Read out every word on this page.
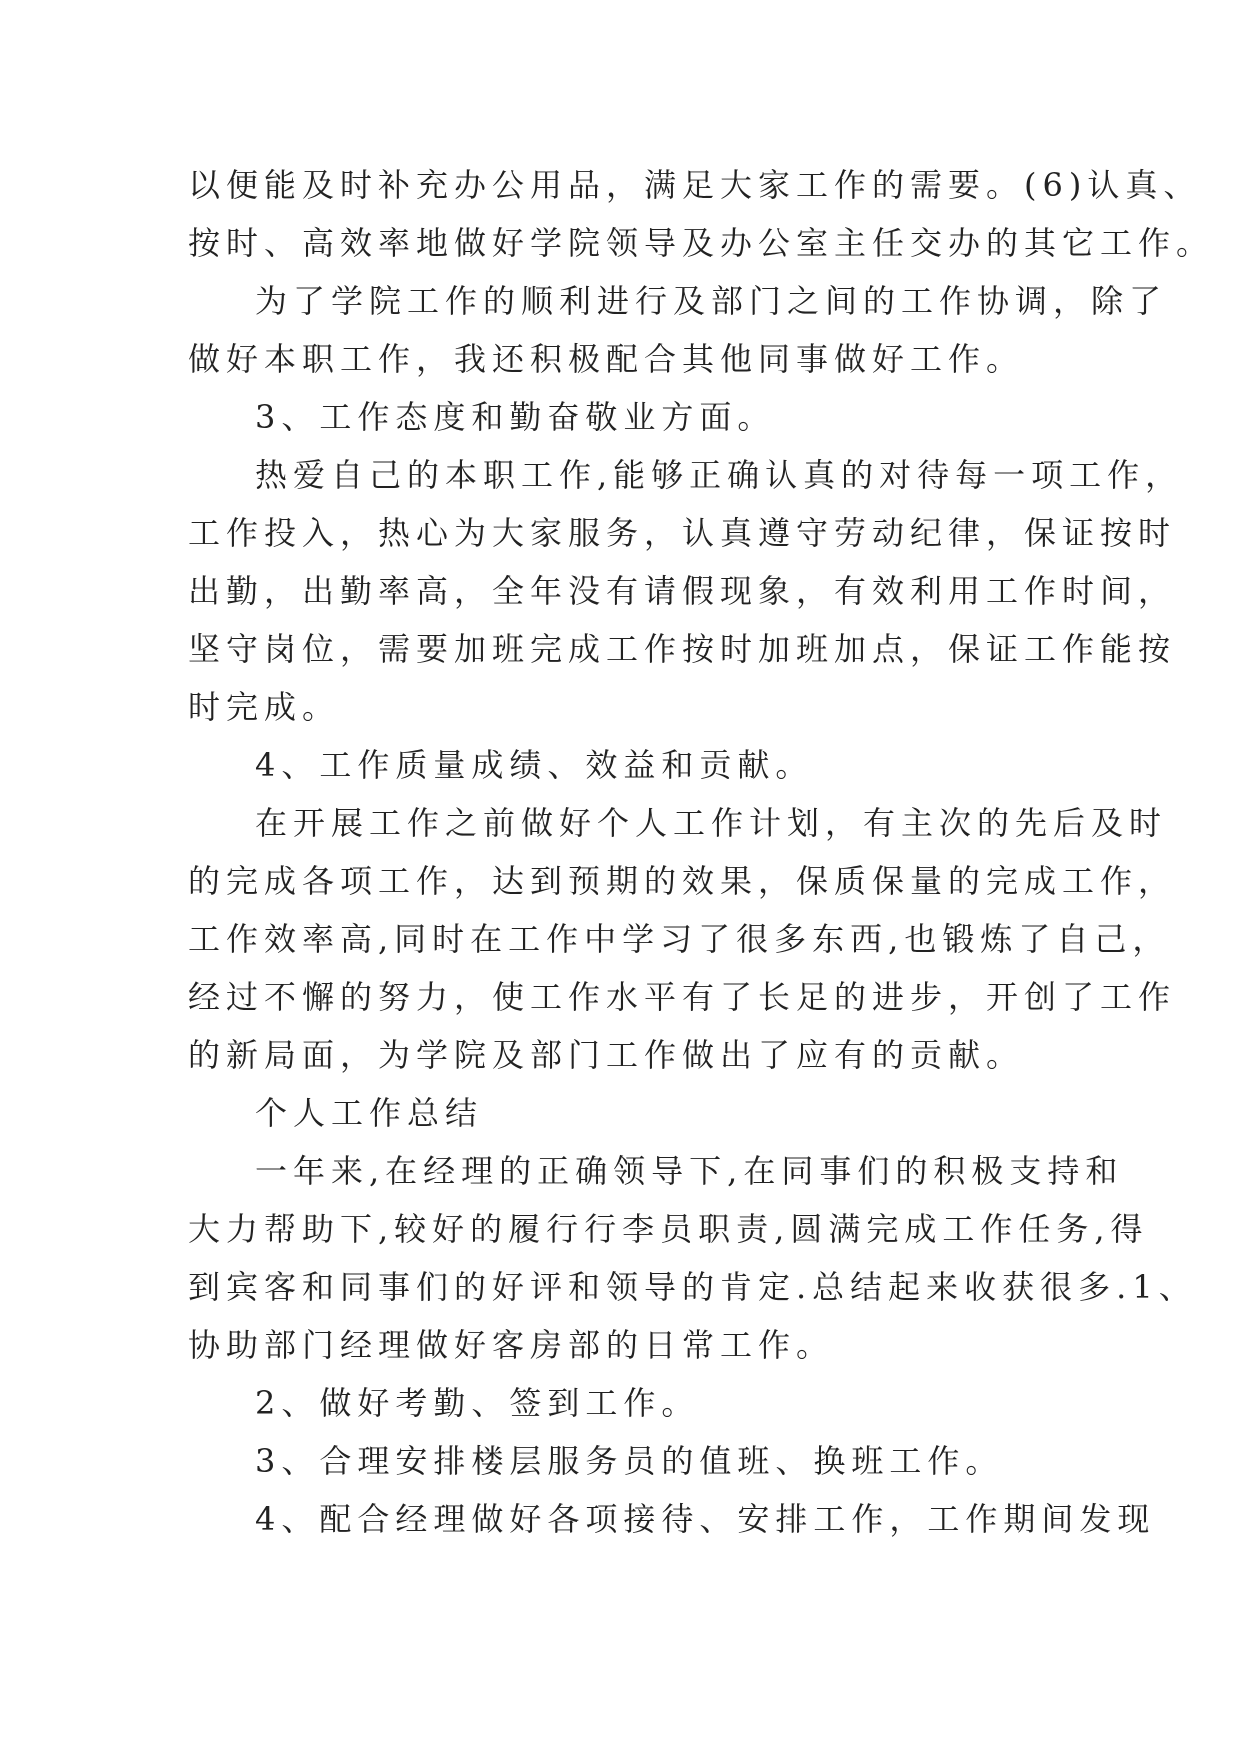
以便能及时补充办公用品，满足大家工作的需要。(6)认真、

按时、高效率地做好学院领导及办公室主任交办的其它工作。

为了学院工作的顺利进行及部门之间的工作协调，除了

做好本职工作，我还积极配合其他同事做好工作。

3、工作态度和勤奋敬业方面。

热爱自己的本职工作,能够正确认真的对待每一项工作，

工作投入，热心为大家服务，认真遵守劳动纪律，保证按时

出勤，出勤率高，全年没有请假现象，有效利用工作时间，

坚守岗位，需要加班完成工作按时加班加点，保证工作能按

时完成。

4、工作质量成绩、效益和贡献。

在开展工作之前做好个人工作计划，有主次的先后及时

的完成各项工作，达到预期的效果，保质保量的完成工作，

工作效率高,同时在工作中学习了很多东西,也锻炼了自己，

经过不懈的努力，使工作水平有了长足的进步，开创了工作

的新局面，为学院及部门工作做出了应有的贡献。

个人工作总结

一年来,在经理的正确领导下,在同事们的积极支持和

大力帮助下,较好的履行行李员职责,圆满完成工作任务,得

到宾客和同事们的好评和领导的肯定.总结起来收获很多.1、

协助部门经理做好客房部的日常工作。

2、做好考勤、签到工作。

3、合理安排楼层服务员的值班、换班工作。

4、配合经理做好各项接待、安排工作，工作期间发现
